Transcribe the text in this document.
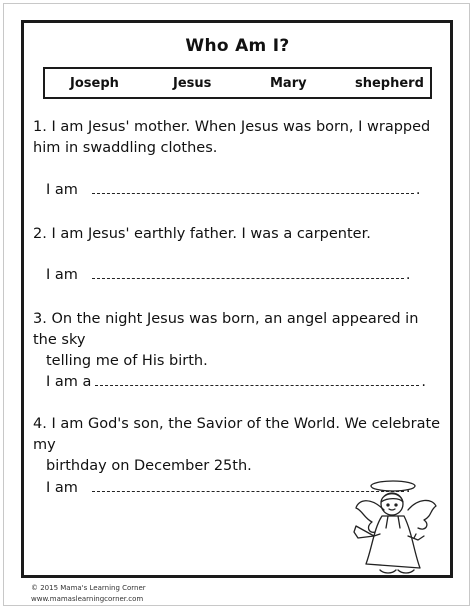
Who Am I?
Joseph	Jesus	Mary	shepherd
1. I am Jesus' mother. When Jesus was born, I wrapped
him in swaddling clothes.
I am	.
2. I am Jesus' earthly father. I was a carpenter.
I am	.
3. On the night Jesus was born, an angel appeared in the sky
telling me of His birth.
I am a	.
4. I am God's son, the Savior of the World. We celebrate my
birthday on December 25th.
I am	.
© 2015 Mama's Learning Corner
www.mamaslearningcorner.com
